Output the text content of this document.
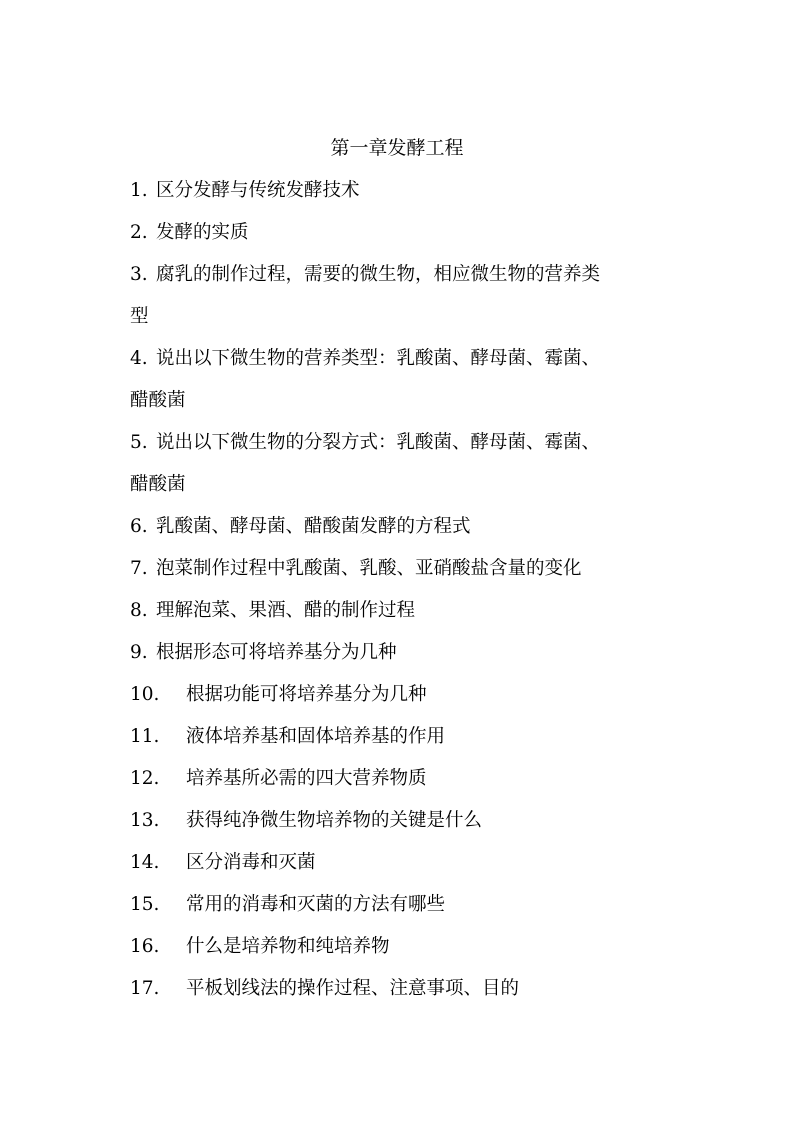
第一章发酵工程
1. 区分发酵与传统发酵技术
2. 发酵的实质
3. 腐乳的制作过程，需要的微生物，相应微生物的营养类
型
4. 说出以下微生物的营养类型：乳酸菌、酵母菌、霉菌、
醋酸菌
5. 说出以下微生物的分裂方式：乳酸菌、酵母菌、霉菌、
醋酸菌
6. 乳酸菌、酵母菌、醋酸菌发酵的方程式
7. 泡菜制作过程中乳酸菌、乳酸、亚硝酸盐含量的变化
8. 理解泡菜、果酒、醋的制作过程
9. 根据形态可将培养基分为几种
10.	根据功能可将培养基分为几种
11.	液体培养基和固体培养基的作用
12.	培养基所必需的四大营养物质
13.	获得纯净微生物培养物的关键是什么
14.	区分消毒和灭菌
15.	常用的消毒和灭菌的方法有哪些
16.	什么是培养物和纯培养物
17.	平板划线法的操作过程、注意事项、目的
